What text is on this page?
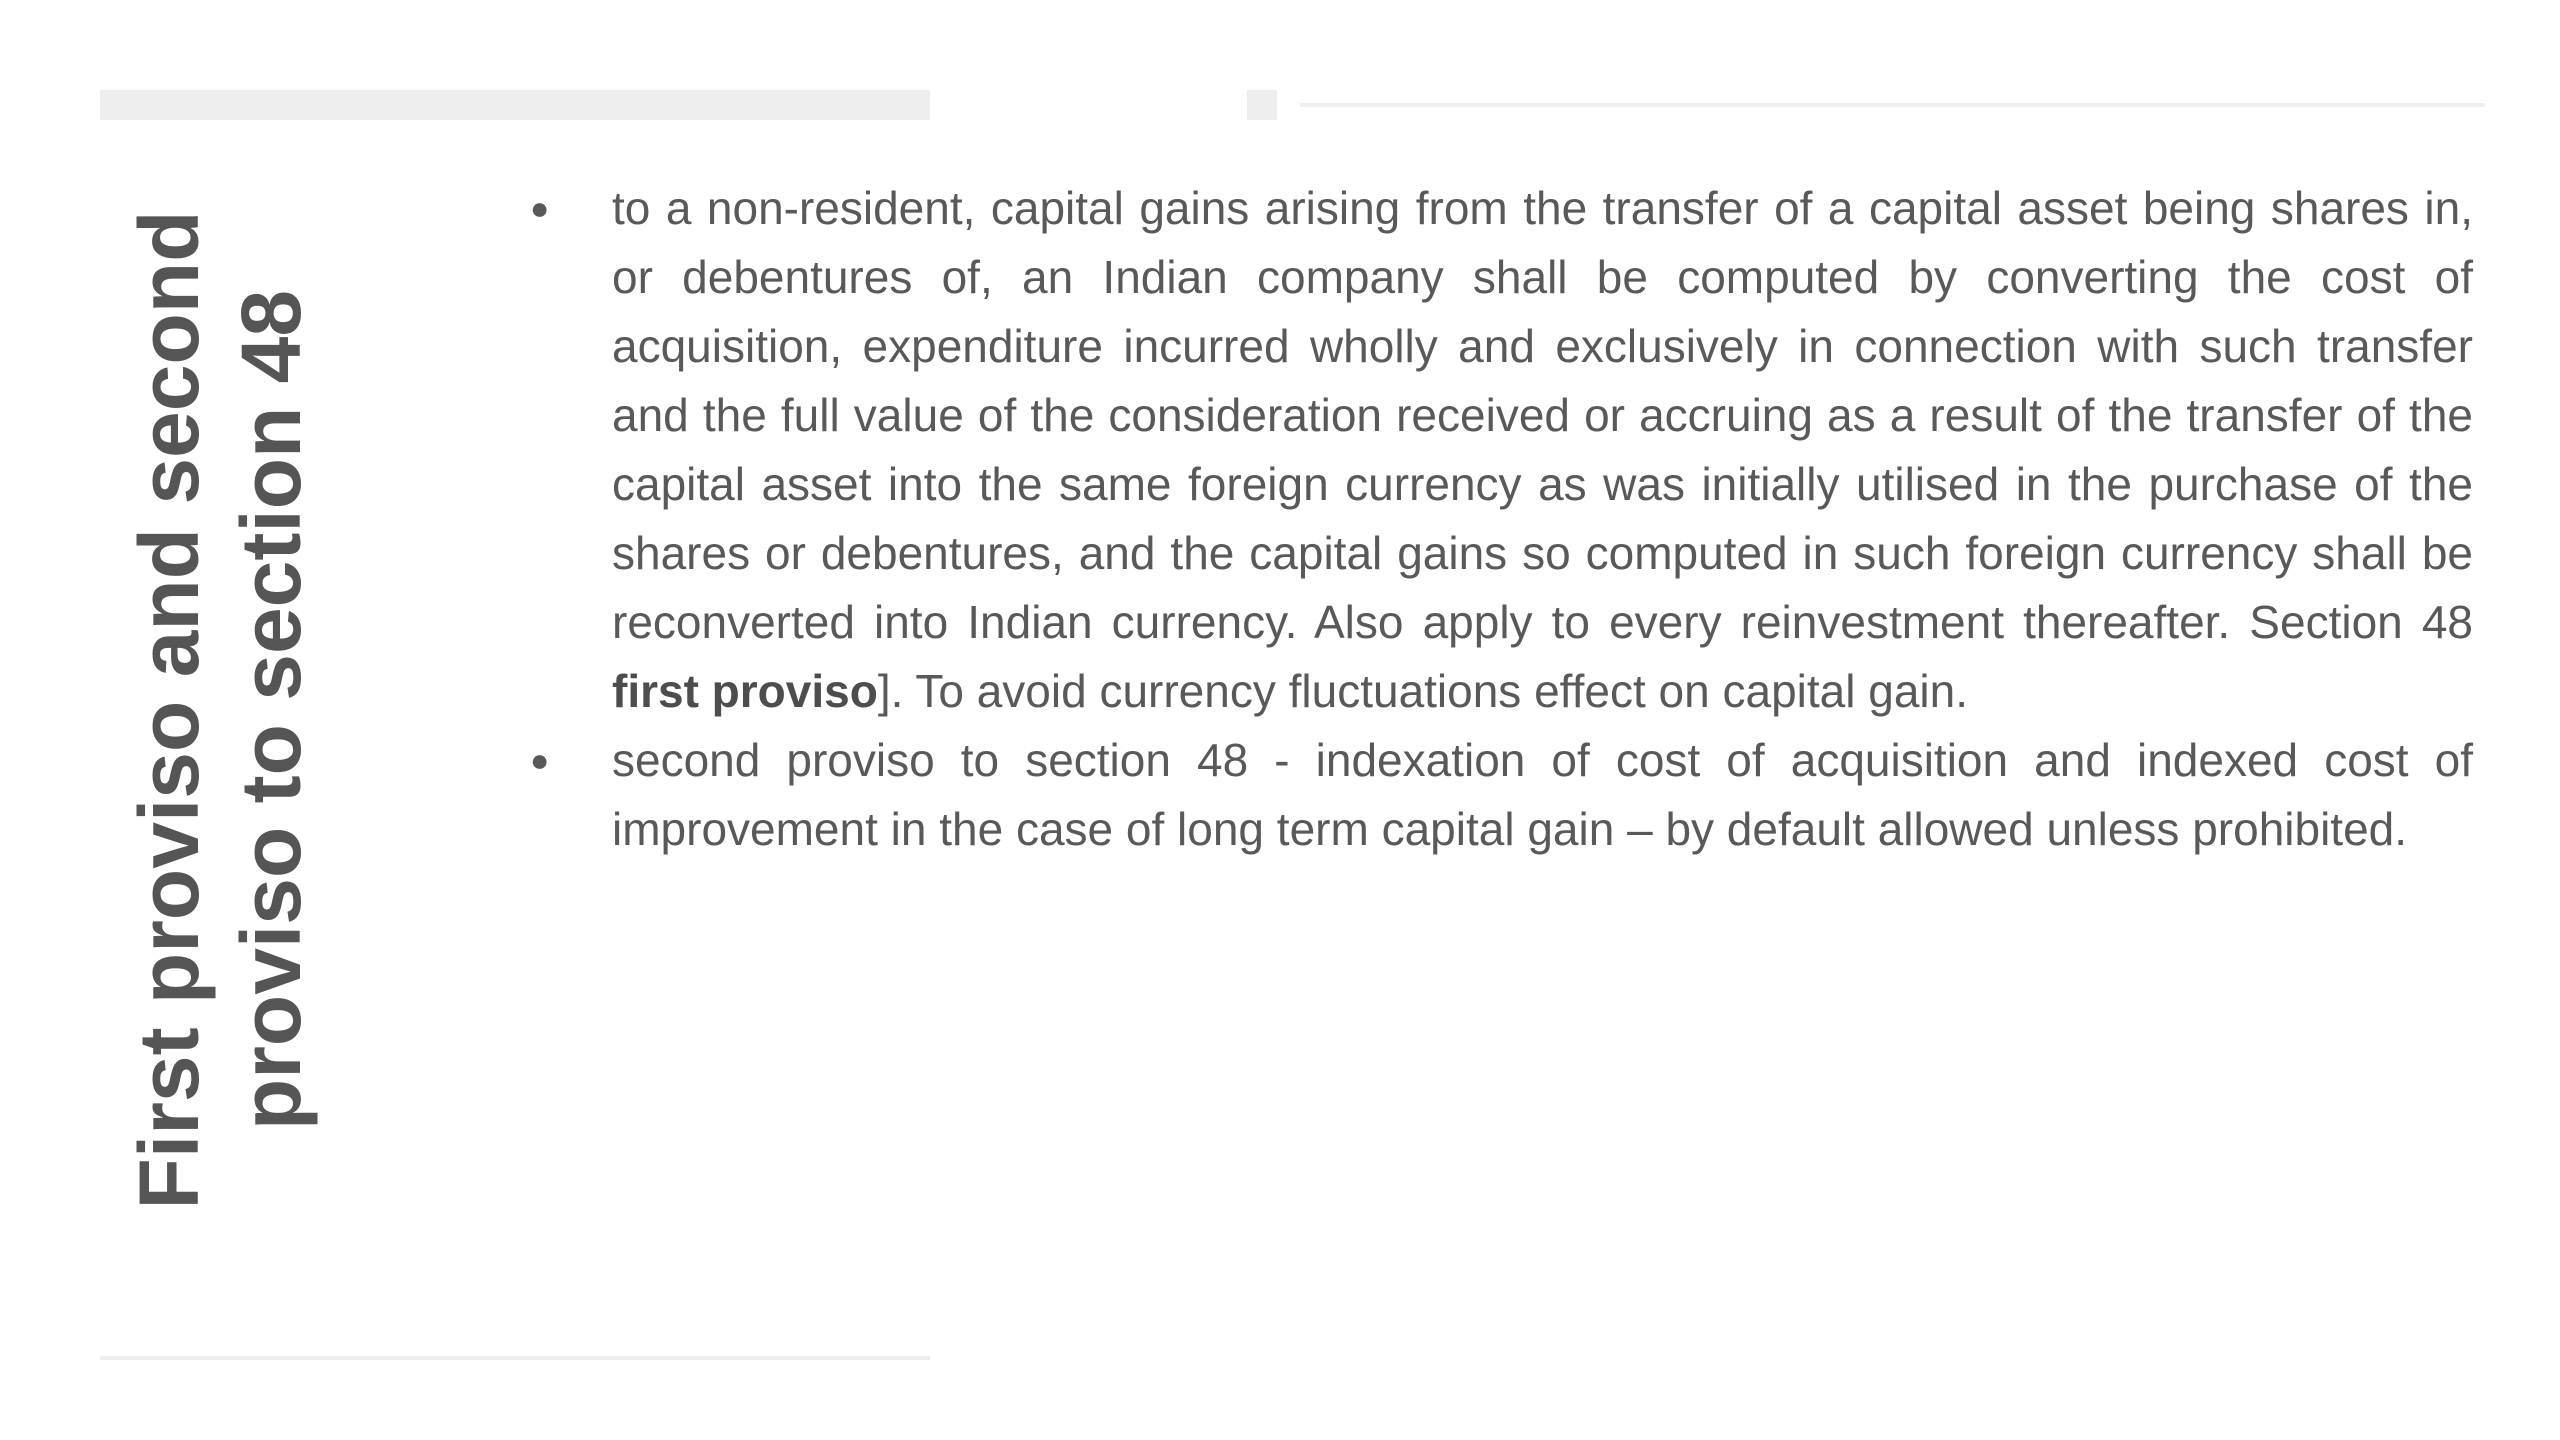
First proviso and second proviso to section 48
● to a non-resident, capital gains arising from the transfer of a capital asset being shares in, or debentures of, an Indian company shall be computed by converting the cost of acquisition, expenditure incurred wholly and exclusively in connection with such transfer and the full value of the consideration received or accruing as a result of the transfer of the capital asset into the same foreign currency as was initially utilised in the purchase of the shares or debentures, and the capital gains so computed in such foreign currency shall be reconverted into Indian currency. Also apply to every reinvestment thereafter. Section 48 first proviso]. To avoid currency fluctuations effect on capital gain.
● second proviso to section 48 - indexation of cost of acquisition and indexed cost of improvement in the case of long term capital gain – by default allowed unless prohibited.
